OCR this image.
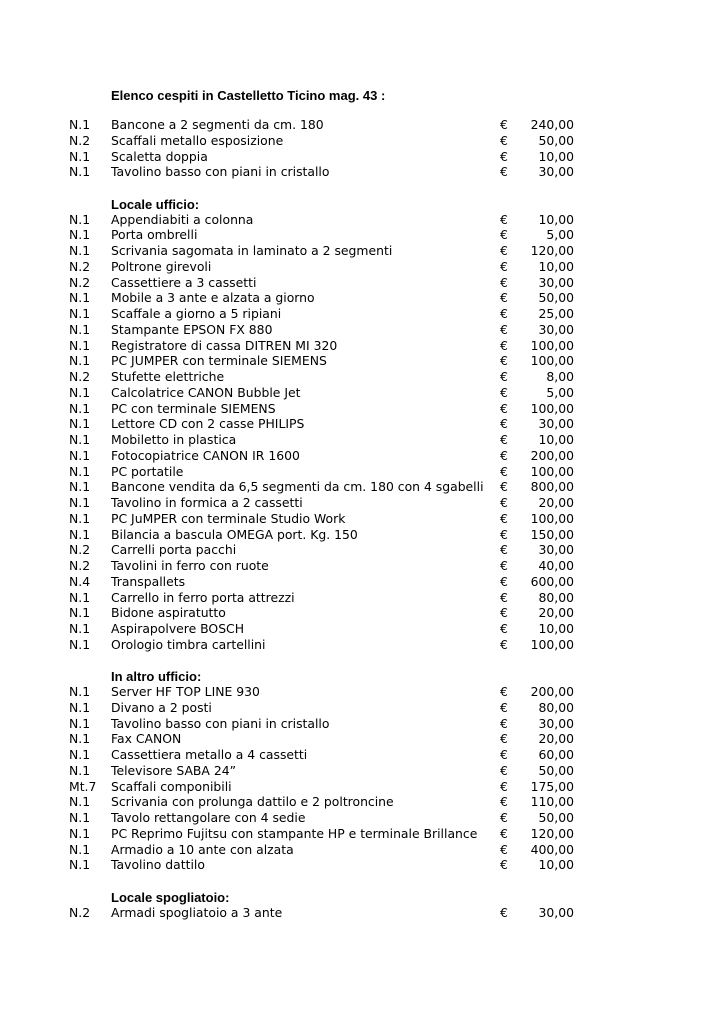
Elenco cespiti in Castelletto Ticino mag. 43 :
N.1 Bancone a 2 segmenti da cm. 180	€ 240,00
N.2 Scaffali metallo esposizione	€ 50,00
N.1 Scaletta doppia	€ 10,00
N.1 Tavolino basso con piani in cristallo	€ 30,00
Locale ufficio:
N.1 Appendiabiti a colonna	€ 10,00
N.1 Porta ombrelli	€	5,00
N.1 Scrivania sagomata in laminato a 2 segmenti	€ 120,00
N.2 Poltrone girevoli	€ 10,00
N.2 Cassettiere a 3 cassetti	€ 30,00
N.1 Mobile a 3 ante e alzata a giorno	€ 50,00
N.1 Scaffale a giorno a 5 ripiani	€ 25,00
N.1 Stampante EPSON FX 880	€ 30,00
N.1 Registratore di cassa DITREN MI 320	€ 100,00
N.1 PC JUMPER con terminale SIEMENS	€ 100,00
N.2 Stufette elettriche	€	8,00
N.1 Calcolatrice CANON Bubble Jet	€	5,00
N.1 PC con terminale SIEMENS	€ 100,00
N.1 Lettore CD con 2 casse PHILIPS	€ 30,00
N.1 Mobiletto in plastica	€ 10,00
N.1 Fotocopiatrice CANON IR 1600	€ 200,00
N.1 PC portatile	€ 100,00
N.1 Bancone vendita da 6,5 segmenti da cm. 180 con 4 sgabelli € 800,00
N.1 Tavolino in formica a 2 cassetti	€ 20,00
N.1 PC JuMPER con terminale Studio Work	€ 100,00
N.1 Bilancia a bascula OMEGA port. Kg. 150	€ 150,00
N.2 Carrelli porta pacchi	€ 30,00
N.2 Tavolini in ferro con ruote	€ 40,00
N.4 Transpallets	€ 600,00
N.1 Carrello in ferro porta attrezzi	€ 80,00
N.1 Bidone aspiratutto	€ 20,00
N.1 Aspirapolvere BOSCH	€ 10,00
N.1 Orologio timbra cartellini	€ 100,00
In altro ufficio:
N.1 Server HF TOP LINE 930	€ 200,00
N.1 Divano a 2 posti	€ 80,00
N.1 Tavolino basso con piani in cristallo	€ 30,00
N.1 Fax CANON	€ 20,00
N.1 Cassettiera metallo a 4 cassetti	€ 60,00
N.1 Televisore SABA 24”	€ 50,00
Mt.7 Scaffali componibili	€ 175,00
N.1 Scrivania con prolunga dattilo e 2 poltroncine	€ 110,00
N.1 Tavolo rettangolare con 4 sedie	€ 50,00
N.1 PC Reprimo Fujitsu con stampante HP e terminale Brillance € 120,00
N.1 Armadio a 10 ante con alzata	€ 400,00
N.1 Tavolino dattilo	€ 10,00
Locale spogliatoio:
N.2 Armadi spogliatoio a 3 ante	€ 30,00
